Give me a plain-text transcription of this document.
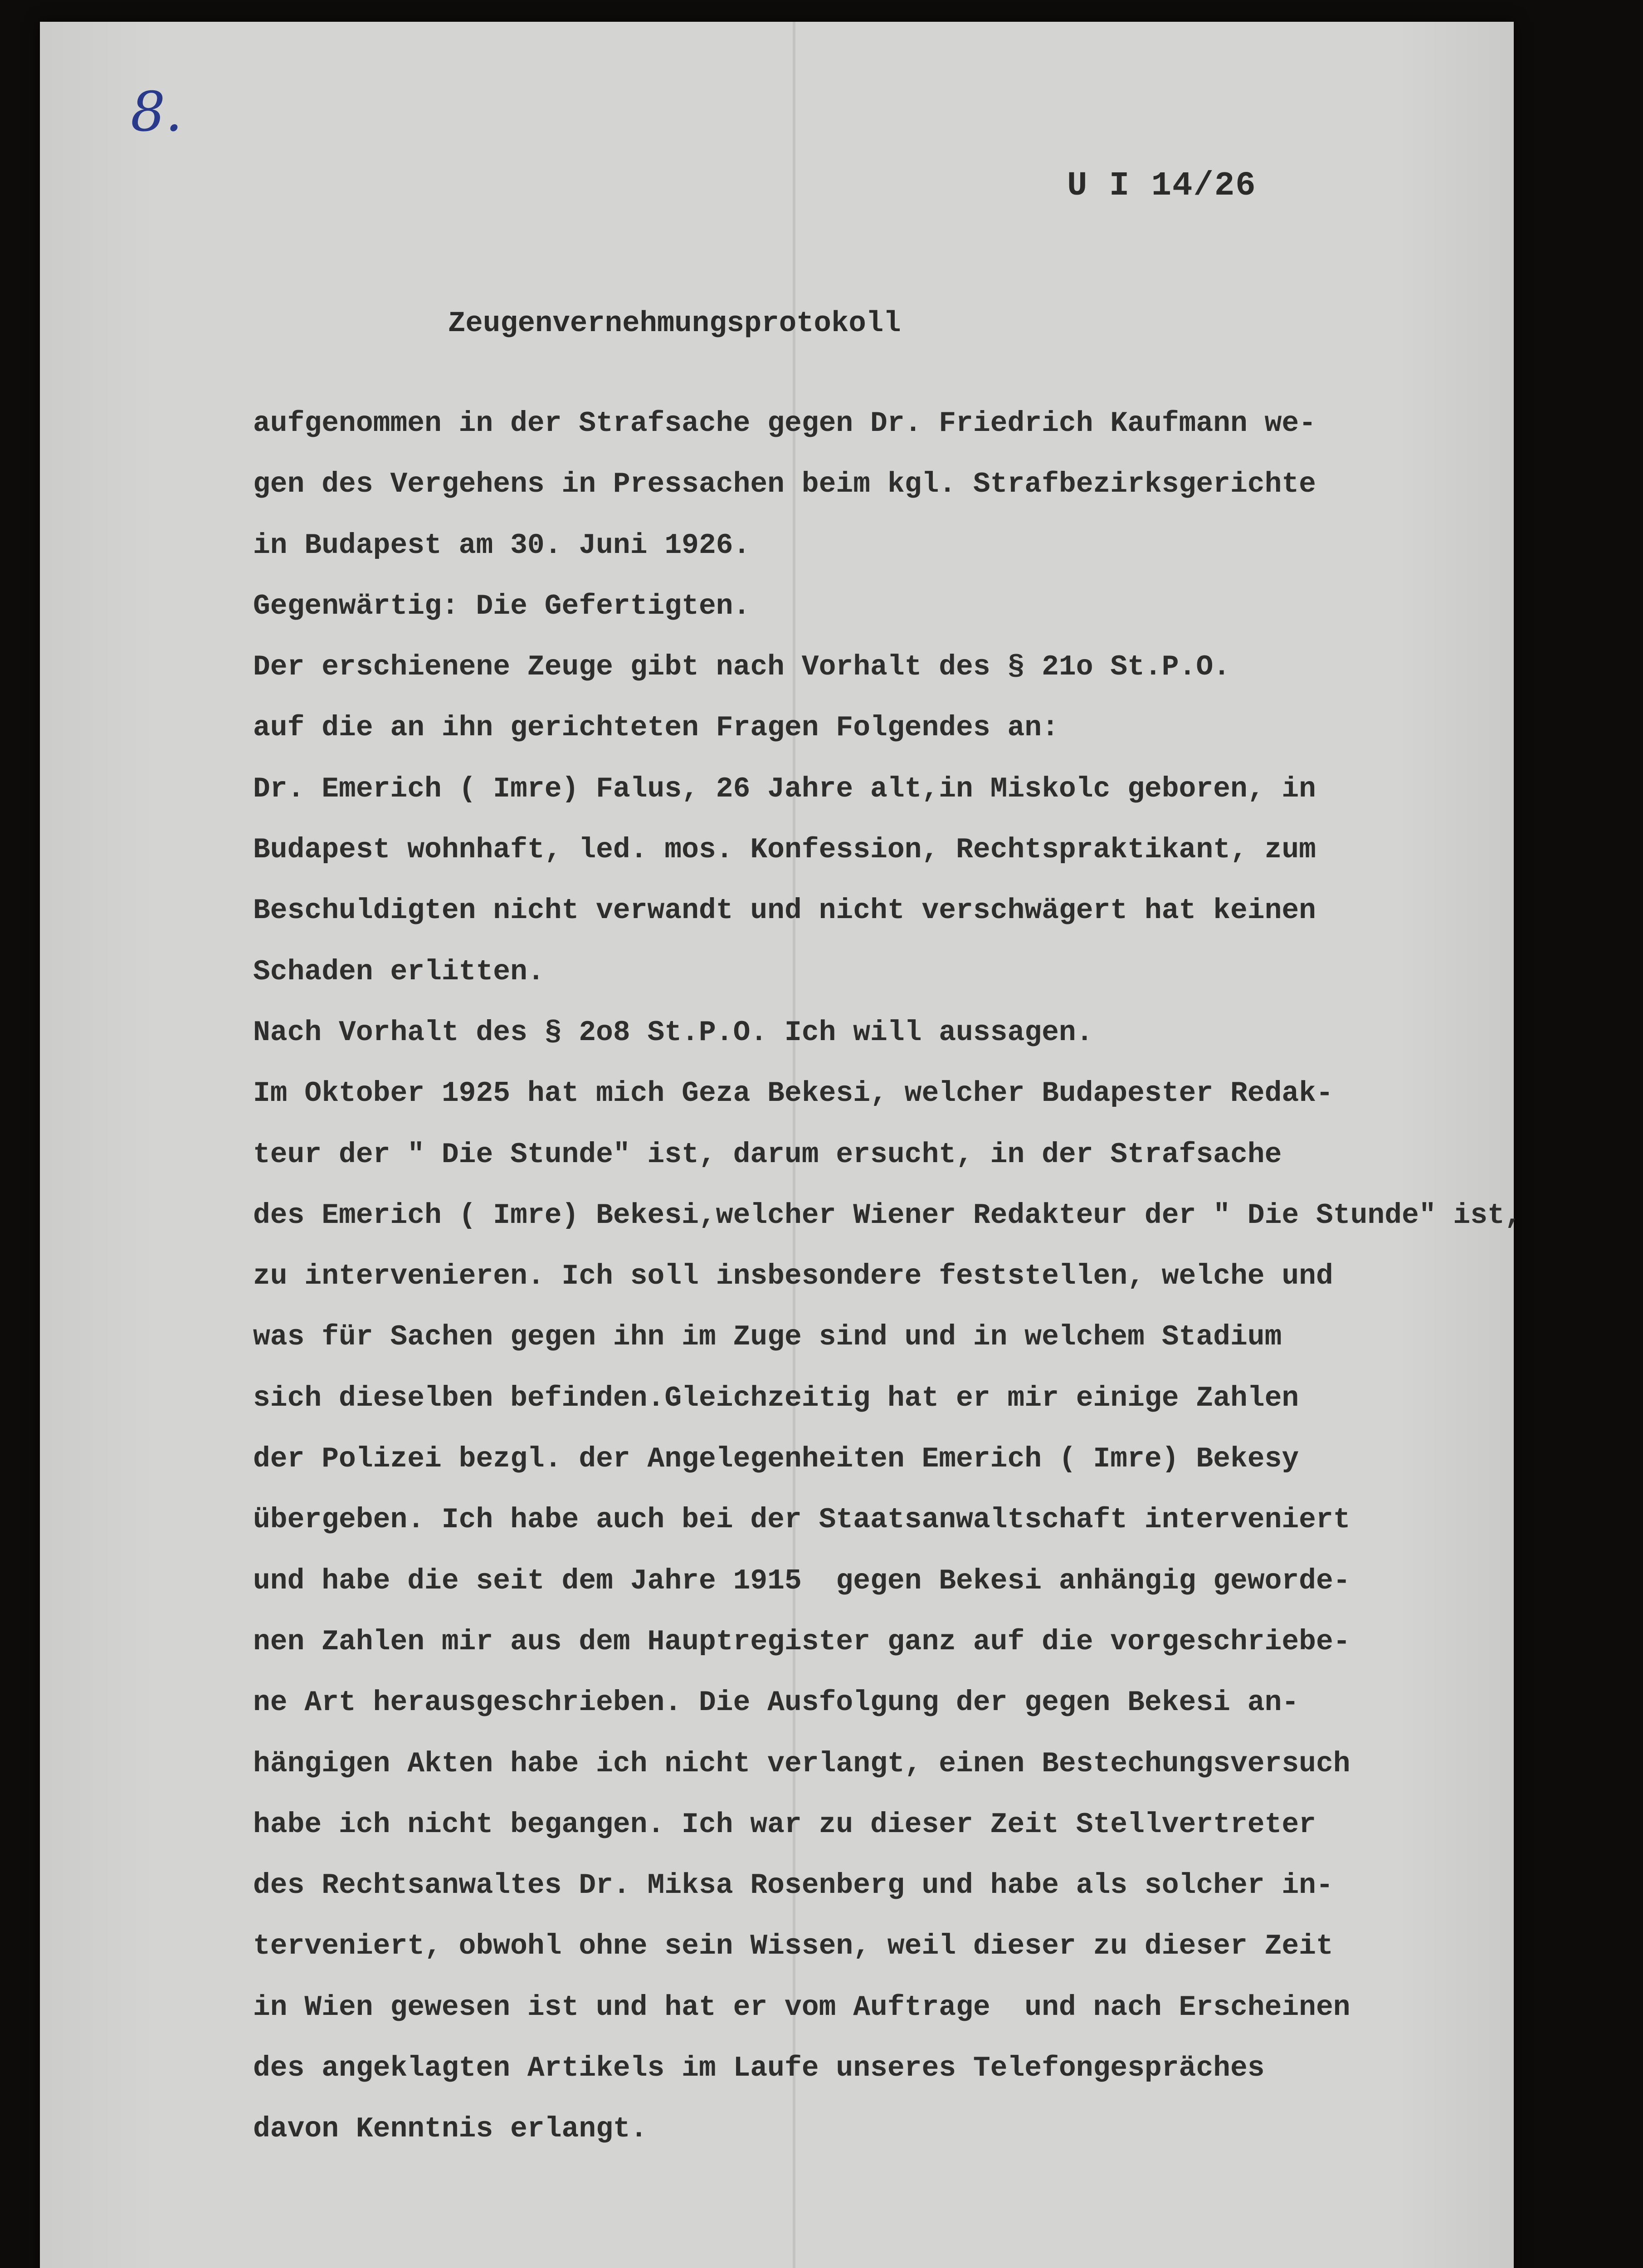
8.
U I 14/26
Zeugenvernehmungsprotokoll
aufgenommen in der Strafsache gegen Dr. Friedrich Kaufmann we-
gen des Vergehens in Pressachen beim kgl. Strafbezirksgerichte
in Budapest am 30. Juni 1926.
Gegenwärtig: Die Gefertigten.
Der erschienene Zeuge gibt nach Vorhalt des § 21o St.P.O.
auf die an ihn gerichteten Fragen Folgendes an:
Dr. Emerich ( Imre) Falus, 26 Jahre alt,in Miskolc geboren, in
Budapest wohnhaft, led. mos. Konfession, Rechtspraktikant, zum
Beschuldigten nicht verwandt und nicht verschwägert hat keinen
Schaden erlitten.
Nach Vorhalt des § 2o8 St.P.O. Ich will aussagen.
Im Oktober 1925 hat mich Geza Bekesi, welcher Budapester Redak-
teur der " Die Stunde" ist, darum ersucht, in der Strafsache
des Emerich ( Imre) Bekesi,welcher Wiener Redakteur der " Die Stunde" ist,
zu intervenieren. Ich soll insbesondere feststellen, welche und
was für Sachen gegen ihn im Zuge sind und in welchem Stadium
sich dieselben befinden.Gleichzeitig hat er mir einige Zahlen
der Polizei bezgl. der Angelegenheiten Emerich ( Imre) Bekesy
übergeben. Ich habe auch bei der Staatsanwaltschaft interveniert
und habe die seit dem Jahre 1915  gegen Bekesi anhängig geworde-
nen Zahlen mir aus dem Hauptregister ganz auf die vorgeschriebe-
ne Art herausgeschrieben. Die Ausfolgung der gegen Bekesi an-
hängigen Akten habe ich nicht verlangt, einen Bestechungsversuch
habe ich nicht begangen. Ich war zu dieser Zeit Stellvertreter
des Rechtsanwaltes Dr. Miksa Rosenberg und habe als solcher in-
terveniert, obwohl ohne sein Wissen, weil dieser zu dieser Zeit
in Wien gewesen ist und hat er vom Auftrage  und nach Erscheinen
des angeklagten Artikels im Laufe unseres Telefongespräches
davon Kenntnis erlangt.
